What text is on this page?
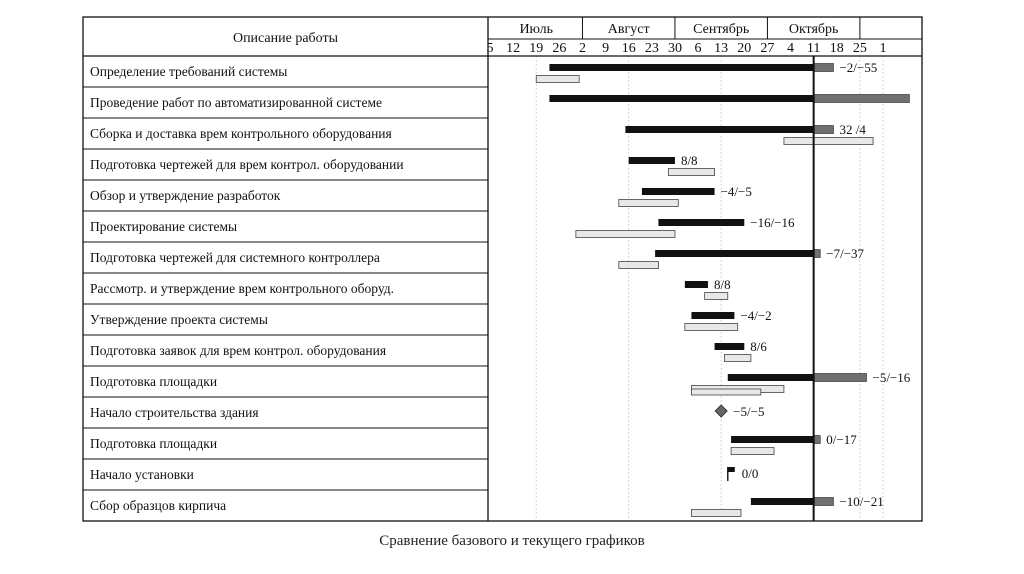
Описание работы
Июль	Август	Сентябрь	Октябрь
5 12 19 26 2 9 16 23 30 6 13 20 27 4 11 18 25 1
Определение требований системы	−2/−55
Проведение работ по автоматизированной системе
Сборка и доставка врем контрольного оборудования	32 /4
Подготовка чертежей для врем контрол. оборудовании	8/8
Обзор и утверждение разработок	−4/−5
Проектирование системы	−16/−16
Подготовка чертежей для системного контроллера	−7/−37
Рассмотр. и утверждение врем контрольного оборуд.	8/8
Утверждение проекта системы	−4/−2
Подготовка заявок для врем контрол. оборудования	8/6
Подготовка площадки	−5/−16
Начало строительства здания	−5/−5
Подготовка площадки	0/−17
Начало установки	0/0
Сбор образцов кирпича	−10/−21
Сравнение базового и текущего графиков
